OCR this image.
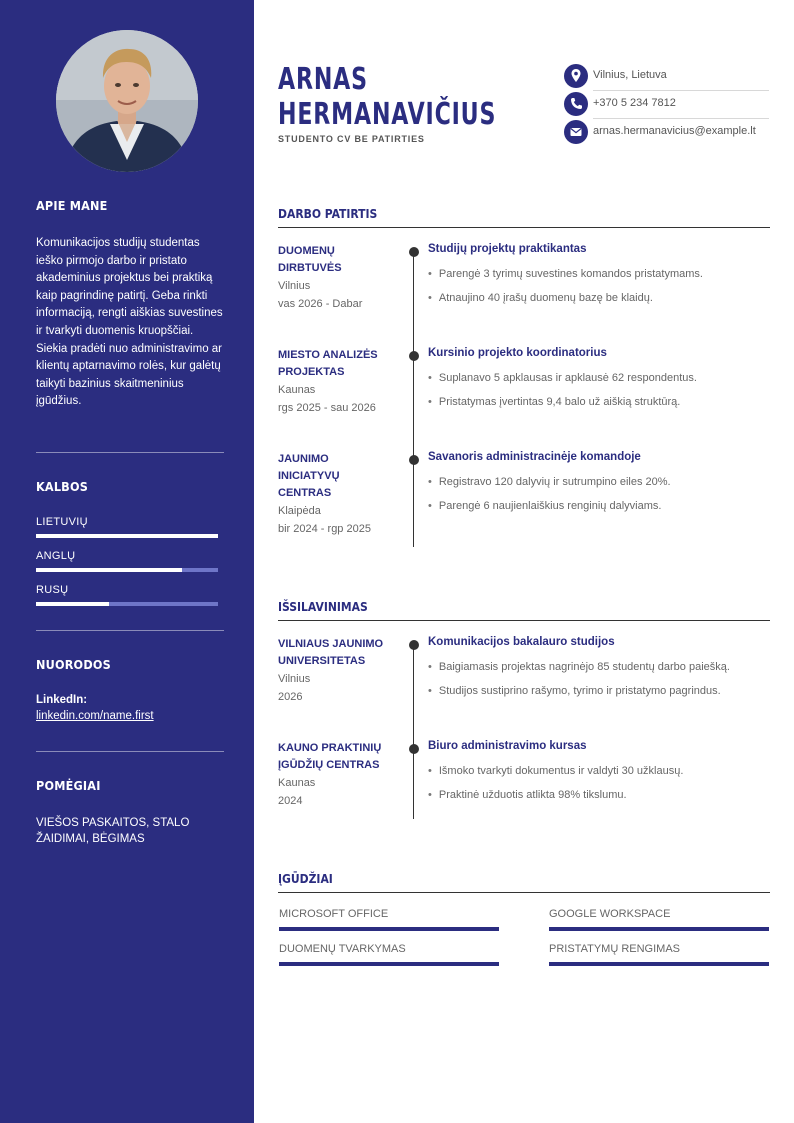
APIE MANE
Komunikacijos studijų studentas ieško pirmojo darbo ir pristato akademinius projektus bei praktiką kaip pagrindinę patirtį. Geba rinkti informaciją, rengti aiškias suvestines ir tvarkyti duomenis kruopščiai. Siekia pradėti nuo administravimo ar klientų aptarnavimo rolės, kur galėtų taikyti bazinius skaitmeninius įgūdžius.
KALBOS
LIETUVIŲ
ANGLŲ
RUSŲ
NUORODOS
LinkedIn:
linkedin.com/name.first
POMĖGIAI
VIEŠOS PASKAITOS, STALO ŽAIDIMAI, BĖGIMAS
ARNAS
HERMANAVIČIUS
STUDENTO CV BE PATIRTIES
Vilnius, Lietuva
+370 5 234 7812
arnas.hermanavicius@example.lt
DARBO PATIRTIS
DUOMENŲ DIRBTUVĖS
Vilnius
vas 2026 - Dabar
Studijų projektų praktikantas
• Parengė 3 tyrimų suvestines komandos pristatymams.
• Atnaujino 40 įrašų duomenų bazę be klaidų.
MIESTO ANALIZĖS PROJEKTAS
Kaunas
rgs 2025 - sau 2026
Kursinio projekto koordinatorius
• Suplanavo 5 apklausas ir apklausė 62 respondentus.
• Pristatymas įvertintas 9,4 balo už aiškią struktūrą.
JAUNIMO INICIATYVŲ CENTRAS
Klaipėda
bir 2024 - rgp 2025
Savanoris administracinėje komandoje
• Registravo 120 dalyvių ir sutrumpino eiles 20%.
• Parengė 6 naujienlaiškius renginių dalyviams.
IŠSILAVINIMAS
VILNIAUS JAUNIMO UNIVERSITETAS
Vilnius
2026
Komunikacijos bakalauro studijos
• Baigiamasis projektas nagrinėjo 85 studentų darbo paiešką.
• Studijos sustiprino rašymo, tyrimo ir pristatymo pagrindus.
KAUNO PRAKTINIŲ ĮGŪDŽIŲ CENTRAS
Kaunas
2024
Biuro administravimo kursas
• Išmoko tvarkyti dokumentus ir valdyti 30 užklausų.
• Praktinė užduotis atlikta 98% tikslumu.
ĮGŪDŽIAI
MICROSOFT OFFICE	GOOGLE WORKSPACE
DUOMENŲ TVARKYMAS	PRISTATYMŲ RENGIMAS
